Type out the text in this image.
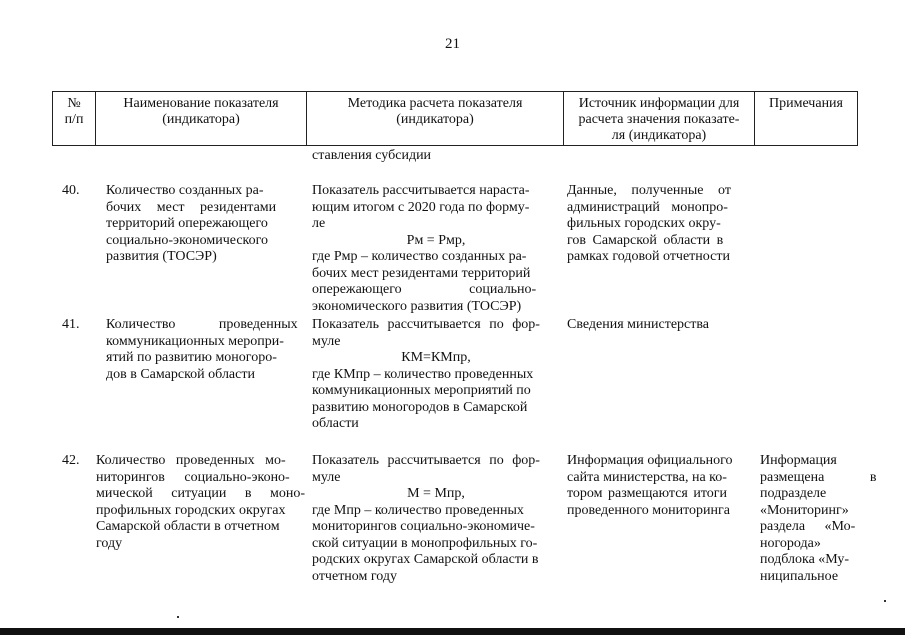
21
№
п/п
Наименование показателя
(индикатора)
Методика расчета показателя
(индикатора)
Источник информации для
расчета значения показате-
ля (индикатора)
Примечания
ставления субсидии
40. Количество созданных ра-
бочих мест резидентами
территорий опережающего
социально-экономического
развития (ТОСЭР)
Показатель рассчитывается нараста-
ющим итогом с 2020 года по форму-
ле
Рм = Рмр,
где Рмр – количество созданных ра-
бочих мест резидентами территорий
опережающего социально-
экономического развития (ТОСЭР)
Данные, полученные от
администраций монопро-
фильных городских окру-
гов Самарской области в
рамках годовой отчетности
41. Количество проведенных
коммуникационных меропри-
ятий по развитию моногоро-
дов в Самарской области
Показатель рассчитывается по фор-
муле
КМ=КМпр,
где КМпр – количество проведенных
коммуникационных мероприятий по
развитию моногородов в Самарской
области
Сведения министерства
42. Количество проведенных мо-
ниторингов социально-эконо-
мической ситуации в моно-
профильных городских округах
Самарской области в отчетном
году
Показатель рассчитывается по фор-
муле
М = Мпр,
где Мпр – количество проведенных
мониторингов социально-экономиче-
ской ситуации в монопрофильных го-
родских округах Самарской области в
отчетном году
Информация официального
сайта министерства, на ко-
тором размещаются итоги
проведенного мониторинга
Информация
размещена в
подразделе
«Мониторинг»
раздела «Мо-
ногорода»
подблока «Му-
ниципальное
